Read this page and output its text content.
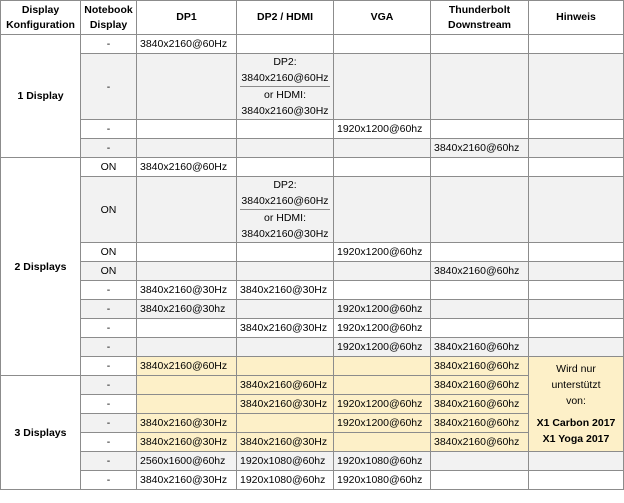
Display Konfiguration	Notebook Display	DP1	DP2 / HDMI	VGA	Thunderbolt Downstream	Hinweis
1 Display	-	3840x2160@60Hz				
	-		DP2:
3840x2160@60Hz
or HDMI:
3840x2160@30Hz			

	-			1920x1200@60hz		
	-				3840x2160@60hz	
2 Displays	ON	3840x2160@60Hz				
	ON		DP2:
3840x2160@60Hz
or HDMI:
3840x2160@30Hz			

	ON			1920x1200@60hz		
	ON				3840x2160@60hz	
	-	3840x2160@30Hz	3840x2160@30Hz			
	-	3840x2160@30hz		1920x1200@60hz		
	-		3840x2160@30Hz	1920x1200@60hz		
	-			1920x1200@60hz	3840x2160@60hz	
	-	3840x2160@60Hz			3840x2160@60hz	Wird nur
unterstützt
von:
X1 Carbon 2017
X1 Yoga 2017

3 Displays	-		3840x2160@60Hz		3840x2160@60hz	
	-		3840x2160@30Hz	1920x1200@60hz	3840x2160@60hz	
	-	3840x2160@30Hz		1920x1200@60hz	3840x2160@60hz	
	-	3840x2160@30Hz	3840x2160@30Hz		3840x2160@60hz	
	-	2560x1600@60hz	1920x1080@60hz	1920x1080@60hz		
	-	3840x2160@30Hz	1920x1080@60hz	1920x1080@60hz		
